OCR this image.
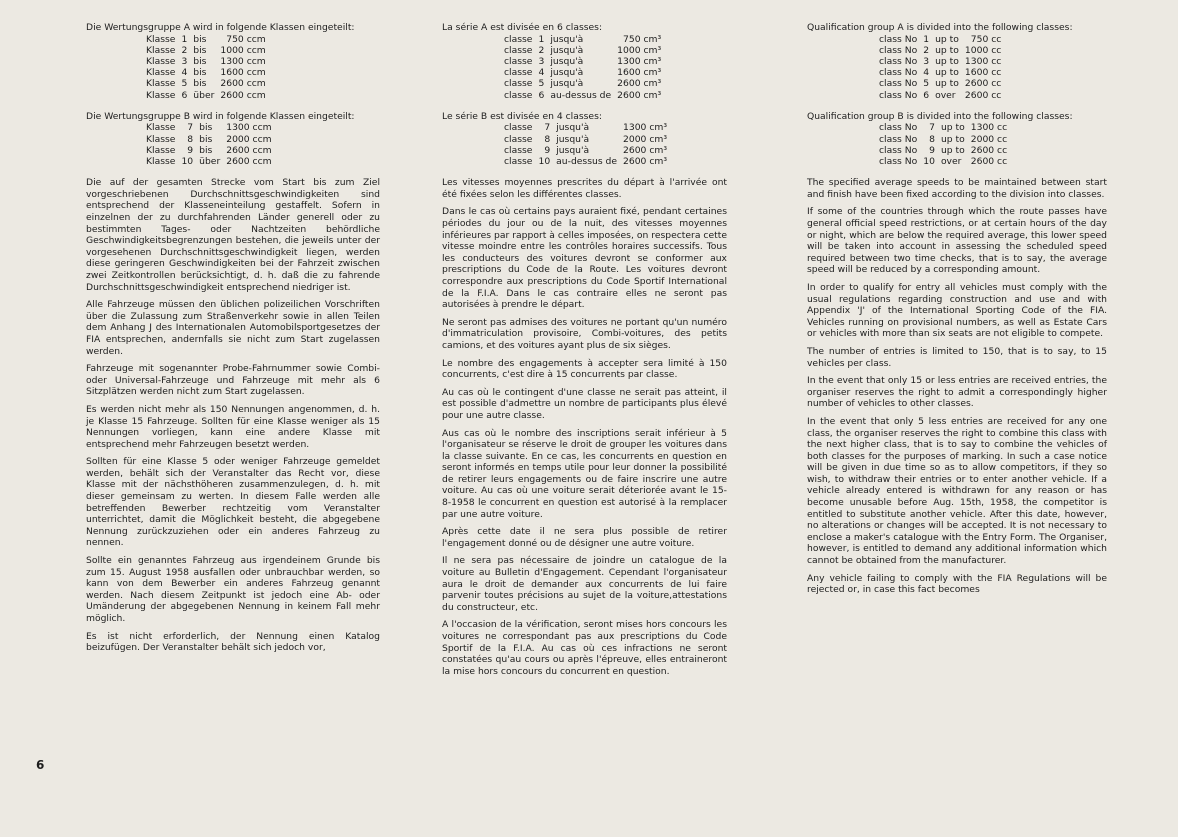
Die Wertungsgruppe A wird in folgende Klassen eingeteilt:

Klasse	1	bis	750 ccm
Klasse	2	bis	1000 ccm
Klasse	3	bis	1300 ccm
Klasse	4	bis	1600 ccm
Klasse	5	bis	2600 ccm
Klasse	6	über	2600 ccm

Die Wertungsgruppe B wird in folgende Klassen eingeteilt:

Klasse	7	bis	1300 ccm
Klasse	8	bis	2000 ccm
Klasse	9	bis	2600 ccm
Klasse	10	über	2600 ccm

Die auf der gesamten Strecke vom Start bis zum Ziel vorgeschriebenen Durchschnittsgeschwindigkeiten sind entsprechend der Klasseneinteilung gestaffelt. Sofern in einzelnen der zu durchfahrenden Länder generell oder zu bestimmten Tages- oder Nachtzeiten behördliche Geschwindigkeitsbegrenzungen bestehen, die jeweils unter der vorgesehenen Durchschnittsgeschwindigkeit liegen, werden diese geringeren Geschwindigkeiten bei der Fahrzeit zwischen zwei Zeitkontrollen berücksichtigt, d. h. daß die zu fahrende Durchschnittsgeschwindigkeit entsprechend niedriger ist.

Alle Fahrzeuge müssen den üblichen polizeilichen Vorschriften über die Zulassung zum Straßenverkehr sowie in allen Teilen dem Anhang J des Internationalen Automobilsportgesetzes der FIA entsprechen, andernfalls sie nicht zum Start zugelassen werden.

Fahrzeuge mit sogenannter Probe-Fahrnummer sowie Combi- oder Universal-Fahrzeuge und Fahrzeuge mit mehr als 6 Sitzplätzen werden nicht zum Start zugelassen.

Es werden nicht mehr als 150 Nennungen angenommen, d. h. je Klasse 15 Fahrzeuge. Sollten für eine Klasse weniger als 15 Nennungen vorliegen, kann eine andere Klasse mit entsprechend mehr Fahrzeugen besetzt werden.

Sollten für eine Klasse 5 oder weniger Fahrzeuge gemeldet werden, behält sich der Veranstalter das Recht vor, diese Klasse mit der nächsthöheren zusammenzulegen, d. h. mit dieser gemeinsam zu werten. In diesem Falle werden alle betreffenden Bewerber rechtzeitig vom Veranstalter unterrichtet, damit die Möglichkeit besteht, die abgegebene Nennung zurückzuziehen oder ein anderes Fahrzeug zu nennen.

Sollte ein genanntes Fahrzeug aus irgendeinem Grunde bis zum 15. August 1958 ausfallen oder unbrauchbar werden, so kann von dem Bewerber ein anderes Fahrzeug genannt werden. Nach diesem Zeitpunkt ist jedoch eine Ab- oder Umänderung der abgegebenen Nennung in keinem Fall mehr möglich.

Es ist nicht erforderlich, der Nennung einen Katalog beizufügen. Der Veranstalter behält sich jedoch vor,

La série A est divisée en 6 classes:

classe	1	jusqu'à	750 cm³
classe	2	jusqu'à	1000 cm³
classe	3	jusqu'à	1300 cm³
classe	4	jusqu'à	1600 cm³
classe	5	jusqu'à	2600 cm³
classe	6	au-dessus de	2600 cm³

Le série B est divisée en 4 classes:

classe	7	jusqu'à	1300 cm³
classe	8	jusqu'à	2000 cm³
classe	9	jusqu'à	2600 cm³
classe	10	au-dessus de	2600 cm³

Les vitesses moyennes prescrites du départ à l'arrivée ont été fixées selon les différentes classes.

Dans le cas où certains pays auraient fixé, pendant certaines périodes du jour ou de la nuit, des vitesses moyennes inférieures par rapport à celles imposées, on respectera cette vitesse moindre entre les contrôles horaires successifs. Tous les conducteurs des voitures devront se conformer aux prescriptions du Code de la Route. Les voitures devront correspondre aux prescriptions du Code Sportif International de la F.I.A. Dans le cas contraire elles ne seront pas autorisées à prendre le départ.

Ne seront pas admises des voitures ne portant qu'un numéro d'immatriculation provisoire, Combi-voitures, des petits camions, et des voitures ayant plus de six sièges.

Le nombre des engagements à accepter sera limité à 150 concurrents, c'est dire à 15 concurrents par classe.

Au cas où le contingent d'une classe ne serait pas atteint, il est possible d'admettre un nombre de participants plus élevé pour une autre classe.

Aus cas où le nombre des inscriptions serait inférieur à 5 l'organisateur se réserve le droit de grouper les voitures dans la classe suivante. En ce cas, les concurrents en question en seront informés en temps utile pour leur donner la possibilité de retirer leurs engagements ou de faire inscrire une autre voiture. Au cas où une voiture serait déteriorée avant le 15-8-1958 le concurrent en question est autorisé à la remplacer par une autre voiture.

Après cette date il ne sera plus possible de retirer l'engagement donné ou de désigner une autre voiture.

Il ne sera pas nécessaire de joindre un catalogue de la voiture au Bulletin d'Engagement. Cependant l'organisateur aura le droit de demander aux concurrents de lui faire parvenir toutes précisions au sujet de la voiture,attestations du constructeur, etc.

A l'occasion de la vérification, seront mises hors concours les voitures ne correspondant pas aux prescriptions du Code Sportif de la F.I.A. Au cas où ces infractions ne seront constatées qu'au cours ou après l'épreuve, elles entraineront la mise hors concours du concurrent en question.

Qualification group A is divided into the following classes:

class No	1	up to	750 cc
class No	2	up to	1000 cc
class No	3	up to	1300 cc
class No	4	up to	1600 cc
class No	5	up to	2600 cc
class No	6	over	2600 cc

Qualification group B is divided into the following classes:

class No	7	up to	1300 cc
class No	8	up to	2000 cc
class No	9	up to	2600 cc
class No	10	over	2600 cc

The specified average speeds to be maintained between start and finish have been fixed according to the division into classes.

If some of the countries through which the route passes have general official speed restrictions, or at certain hours of the day or night, which are below the required average, this lower speed will be taken into account in assessing the scheduled speed required between two time checks, that is to say, the average speed will be reduced by a corresponding amount.

In order to qualify for entry all vehicles must comply with the usual regulations regarding construction and use and with Appendix 'J' of the International Sporting Code of the FIA. Vehicles running on provisional numbers, as well as Estate Cars or vehicles with more than six seats are not eligible to compete.

The number of entries is limited to 150, that is to say, to 15 vehicles per class.

In the event that only 15 or less entries are received entries, the organiser reserves the right to admit a correspondingly higher number of vehicles to other classes.

In the event that only 5 less entries are received for any one class, the organiser reserves the right to combine this class with the next higher class, that is to say to combine the vehicles of both classes for the purposes of marking. In such a case notice will be given in due time so as to allow competitors, if they so wish, to withdraw their entries or to enter another vehicle. If a vehicle already entered is withdrawn for any reason or has become unusable before Aug. 15th, 1958, the competitor is entitled to substitute another vehicle. After this date, however, no alterations or changes will be accepted. It is not necessary to enclose a maker's catalogue with the Entry Form. The Organiser, however, is entitled to demand any additional information which cannot be obtained from the manufacturer.

Any vehicle failing to comply with the FIA Regulations will be rejected or, in case this fact becomes

6
